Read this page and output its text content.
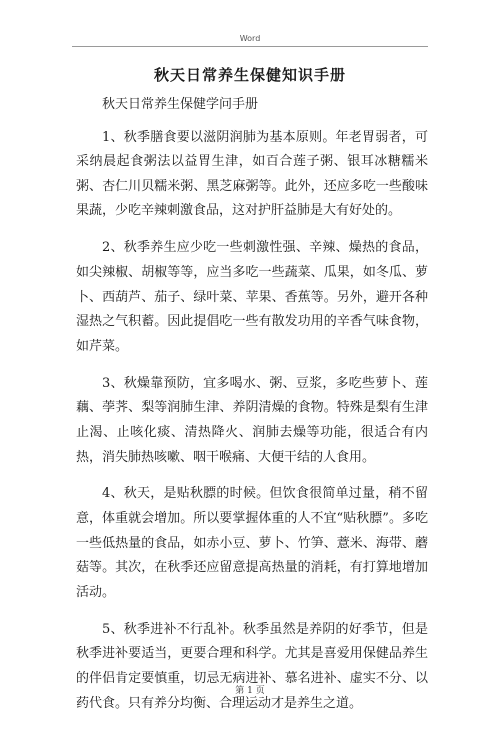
Word
秋天日常养生保健知识手册

秋天日常养生保健学问手册

1、秋季膳食要以滋阴润肺为基本原则。年老胃弱者，可采纳晨起食粥法以益胃生津，如百合莲子粥、银耳冰糖糯米粥、杏仁川贝糯米粥、黑芝麻粥等。此外，还应多吃一些酸味果蔬，少吃辛辣刺激食品，这对护肝益肺是大有好处的。

2、秋季养生应少吃一些刺激性强、辛辣、燥热的食品，如尖辣椒、胡椒等等，应当多吃一些蔬菜、瓜果，如冬瓜、萝卜、西葫芦、茄子、绿叶菜、苹果、香蕉等。另外，避开各种湿热之气积蓄。因此提倡吃一些有散发功用的辛香气味食物，如芹菜。

3、秋燥靠预防，宜多喝水、粥、豆浆，多吃些萝卜、莲藕、荸荠、梨等润肺生津、养阴清燥的食物。特殊是梨有生津止渴、止咳化痰、清热降火、润肺去燥等功能，很适合有内热，消失肺热咳嗽、咽干喉痛、大便干结的人食用。

4、秋天，是贴秋膘的时候。但饮食很简单过量，稍不留意，体重就会增加。所以要掌握体重的人不宜“贴秋膘”。多吃一些低热量的食品，如赤小豆、萝卜、竹笋、薏米、海带、蘑菇等。其次，在秋季还应留意提高热量的消耗，有打算地增加活动。

5、秋季进补不行乱补。秋季虽然是养阴的好季节，但是秋季进补要适当，更要合理和科学。尤其是喜爱用保健品养生的伴侣肯定要慎重，切忌无病进补、慕名进补、虚实不分、以药代食。只有养分均衡、合理运动才是养生之道。

第 1 页
